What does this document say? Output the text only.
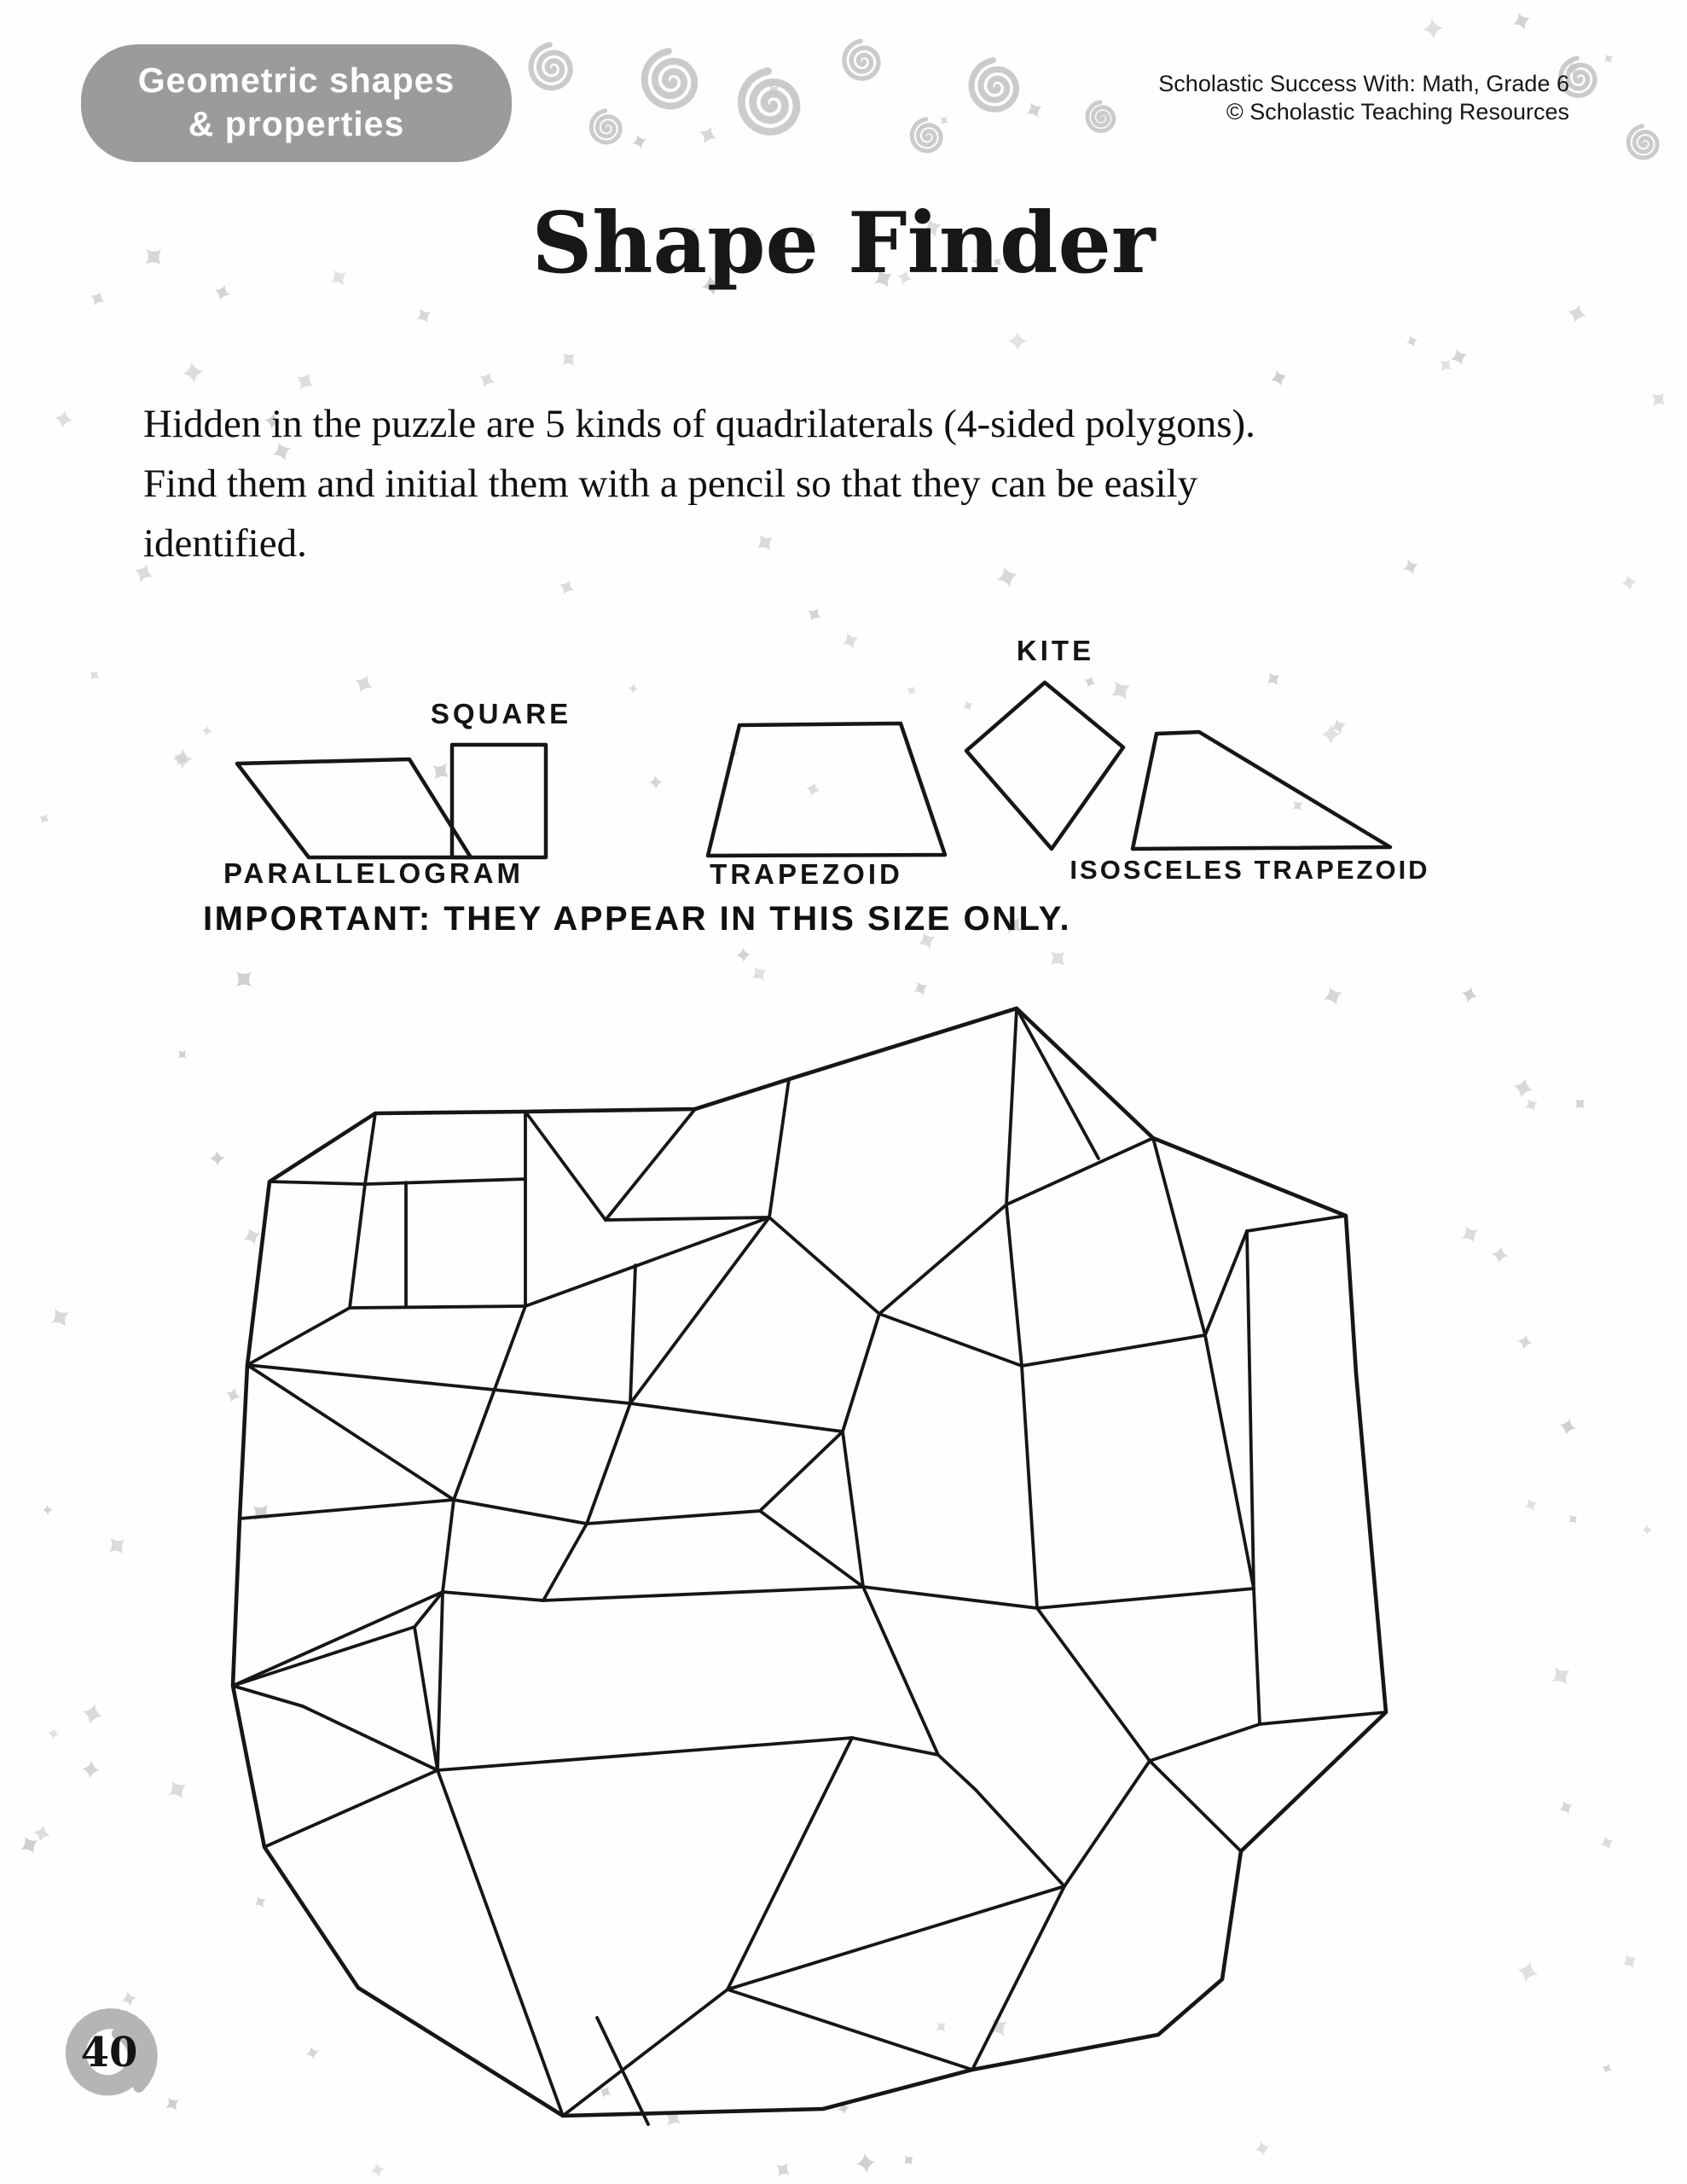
Geometric shapes
& properties
Scholastic Success With: Math, Grade 6
© Scholastic Teaching Resources
Shape Finder
Hidden in the puzzle are 5 kinds of quadrilaterals (4-sided polygons).
Find them and initial them with a pencil so that they can be easily
identified.
SQUARE
KITE
PARALLELOGRAM	TRAPEZOID	ISOSCELES TRAPEZOID
IMPORTANT: THEY APPEAR IN THIS SIZE ONLY.
40
